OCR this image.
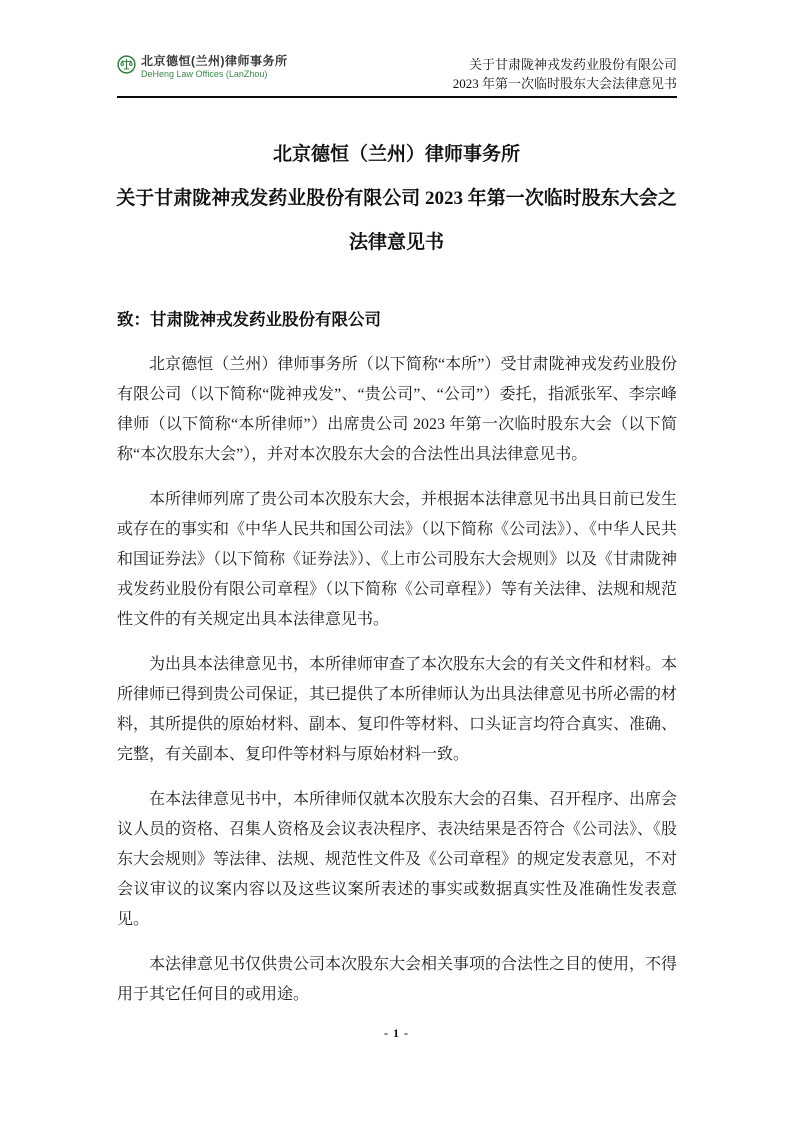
北京德恒(兰州)律师事务所
DeHeng Law Offices (LanZhou)
关于甘肃陇神戎发药业股份有限公司
2023 年第一次临时股东大会法律意见书
北京德恒（兰州）律师事务所
关于甘肃陇神戎发药业股份有限公司 2023 年第一次临时股东大会之
法律意见书
致：甘肃陇神戎发药业股份有限公司

北京德恒（兰州）律师事务所（以下简称“本所”）受甘肃陇神戎发药业股份有限公司（以下简称“陇神戎发”、“贵公司”、“公司”）委托，指派张军、李宗峰律师（以下简称“本所律师”）出席贵公司 2023 年第一次临时股东大会（以下简称“本次股东大会”），并对本次股东大会的合法性出具法律意见书。

本所律师列席了贵公司本次股东大会，并根据本法律意见书出具日前已发生或存在的事实和《中华人民共和国公司法》（以下简称《公司法》）、《中华人民共和国证券法》（以下简称《证券法》）、《上市公司股东大会规则》以及《甘肃陇神戎发药业股份有限公司章程》（以下简称《公司章程》）等有关法律、法规和规范性文件的有关规定出具本法律意见书。

为出具本法律意见书，本所律师审查了本次股东大会的有关文件和材料。本所律师已得到贵公司保证，其已提供了本所律师认为出具法律意见书所必需的材料，其所提供的原始材料、副本、复印件等材料、口头证言均符合真实、准确、完整，有关副本、复印件等材料与原始材料一致。

在本法律意见书中，本所律师仅就本次股东大会的召集、召开程序、出席会议人员的资格、召集人资格及会议表决程序、表决结果是否符合《公司法》、《股东大会规则》等法律、法规、规范性文件及《公司章程》的规定发表意见，不对会议审议的议案内容以及这些议案所表述的事实或数据真实性及准确性发表意见。

本法律意见书仅供贵公司本次股东大会相关事项的合法性之目的使用，不得用于其它任何目的或用途。

- 1 -
